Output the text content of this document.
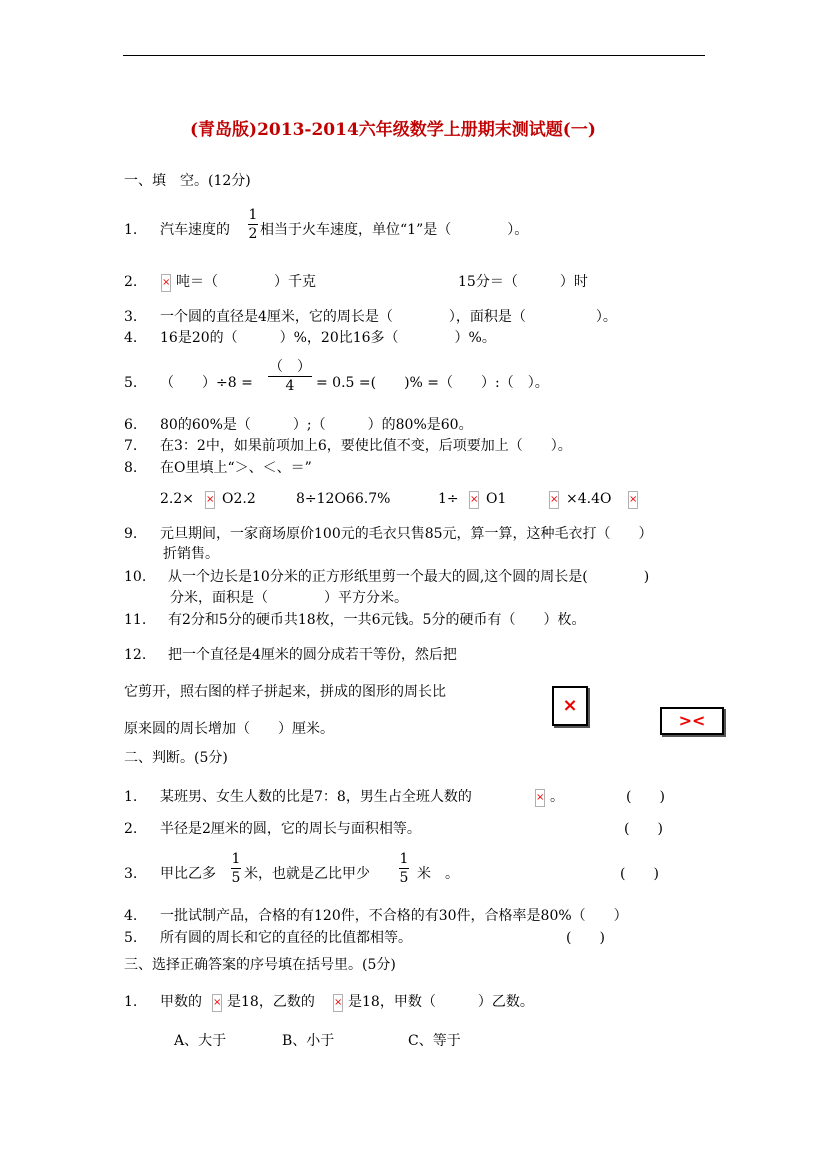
(青岛版)2013-2014六年级数学上册期末测试题(一)
一、填　空。(12分)
1. 汽车速度的
1
2 相当于火车速度，单位“1”是（　　　　）。
2. ×	吨＝（　　　　）千克	15分＝（　　　）时
3. 一个圆的直径是4厘米，它的周长是（　　　　），面积是（　　　　　）。
4. 16是20的（　　　）%，20比16多（　　　　）%。
5. （　　）÷8 =
（　）
4	= 0.5 =(　　)% =（　　）:（　）。
6. 80的60%是（　　　）;（　　　）的80%是60。
7. 在3：2中，如果前项加上6，要使比值不变，后项要加上（　　）。
8. 在O里填上“＞、＜、＝”
2.2× × O2.2	8÷12O66.7%	1÷ × O1 ×	×4.4O
×
9. 元旦期间，一家商场原价100元的毛衣只售85元，算一算，这种毛衣打（　　）
折销售。
10. 从一个边长是10分米的正方形纸里剪一个最大的圆,这个圆的周长是(　　　　)
分米，面积是（　　　　）平方分米。
11. 有2分和5分的硬币共18枚，一共6元钱。5分的硬币有（　　）枚。
12. 把一个直径是4厘米的圆分成若干等份，然后把
它剪开，照右图的样子拼起来，拼成的图形的周长比
原来圆的周长增加（　　）厘米。
×
><
二、判断。(5分)
1. 某班男、女生人数的比是7：8，男生占全班人数的 ×	。	(　　)
2. 半径是2厘米的圆，它的周长与面积相等。	(　　)
3. 甲比乙多
1
5 米，也就是乙比甲少
1
5 米　。	(　　)
4. 一批试制产品，合格的有120件，不合格的有30件，合格率是80%（　　）
5. 所有圆的周长和它的直径的比值都相等。	(　　)
三、选择正确答案的序号填在括号里。(5分)
1. 甲数的 × 是18，乙数的 × 是18，甲数（　　　）乙数。
A、大于	B、小于	C、等于
